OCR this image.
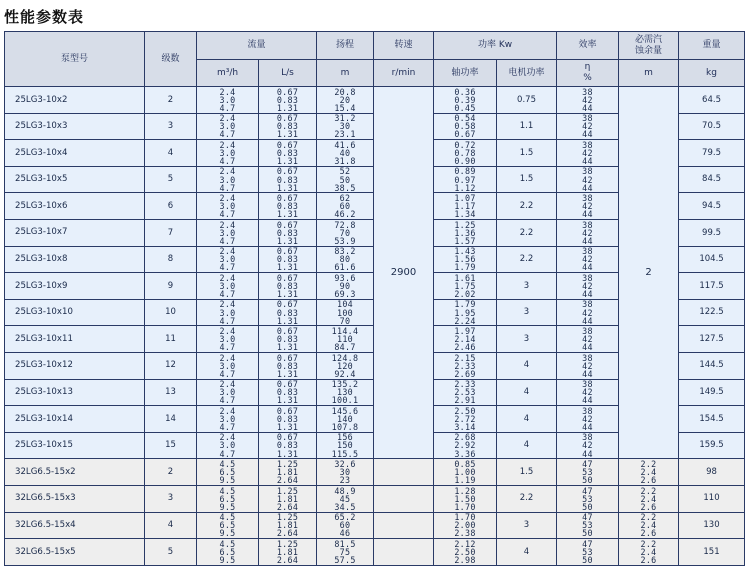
性能参数表
泵型号	级数	流量		扬程	转速	功率 Kw		效率	必需汽
蚀余量	重量
		m³/h	L/s	m	r/min	轴功率	电机功率	η
%	m	kg
25LG3-10x2	2	2.4
3.0
4.7	0.67
0.83
1.31	20.8
20
15.4	2900	0.36
0.39
0.45	0.75	38
42
44	2	64.5
25LG3-10x3	3	2.4
3.0
4.7	0.67
0.83
1.31	31.2
30
23.1		0.54
0.58
0.67	1.1	38
42
44		70.5
25LG3-10x4	4	2.4
3.0
4.7	0.67
0.83
1.31	41.6
40
31.8		0.72
0.78
0.90	1.5	38
42
44		79.5
25LG3-10x5	5	2.4
3.0
4.7	0.67
0.83
1.31	52
50
38.5		0.89
0.97
1.12	1.5	38
42
44		84.5
25LG3-10x6	6	2.4
3.0
4.7	0.67
0.83
1.31	62
60
46.2		1.07
1.17
1.34	2.2	38
42
44		94.5
25LG3-10x7	7	2.4
3.0
4.7	0.67
0.83
1.31	72.8
70
53.9		1.25
1.36
1.57	2.2	38
42
44		99.5
25LG3-10x8	8	2.4
3.0
4.7	0.67
0.83
1.31	83.2
80
61.6		1.43
1.56
1.79	2.2	38
42
44		104.5
25LG3-10x9	9	2.4
3.0
4.7	0.67
0.83
1.31	93.6
90
69.3		1.61
1.75
2.02	3	38
42
44		117.5
25LG3-10x10	10	2.4
3.0
4.7	0.67
0.83
1.31	104
100
70		1.79
1.95
2.24	3	38
42
44		122.5
25LG3-10x11	11	2.4
3.0
4.7	0.67
0.83
1.31	114.4
110
84.7		1.97
2.14
2.46	3	38
42
44		127.5
25LG3-10x12	12	2.4
3.0
4.7	0.67
0.83
1.31	124.8
120
92.4		2.15
2.33
2.69	4	38
42
44		144.5
25LG3-10x13	13	2.4
3.0
4.7	0.67
0.83
1.31	135.2
130
100.1		2.33
2.53
2.91	4	38
42
44		149.5
25LG3-10x14	14	2.4
3.0
4.7	0.67
0.83
1.31	145.6
140
107.8		2.50
2.72
3.14	4	38
42
44		154.5
25LG3-10x15	15	2.4
3.0
4.7	0.67
0.83
1.31	156
150
115.5		2.68
2.92
3.36	4	38
42
44		159.5
32LG6.5-15x2	2	4.5
6.5
9.5	1.25
1.81
2.64	32.6
30
23		0.85
1.00
1.19	1.5	47
53
50	2.2
2.4
2.6	98
32LG6.5-15x3	3	4.5
6.5
9.5	1.25
1.81
2.64	48.9
45
34.5		1.28
1.50
1.70	2.2	47
53
50	2.2
2.4
2.6	110
32LG6.5-15x4	4	4.5
6.5
9.5	1.25
1.81
2.64	65.2
60
46		1.70
2.00
2.38	3	47
53
50	2.2
2.4
2.6	130
32LG6.5-15x5	5	4.5
6.5
9.5	1.25
1.81
2.64	81.5
75
57.5		2.12
2.50
2.98	4	47
53
50	2.2
2.4
2.6	151
